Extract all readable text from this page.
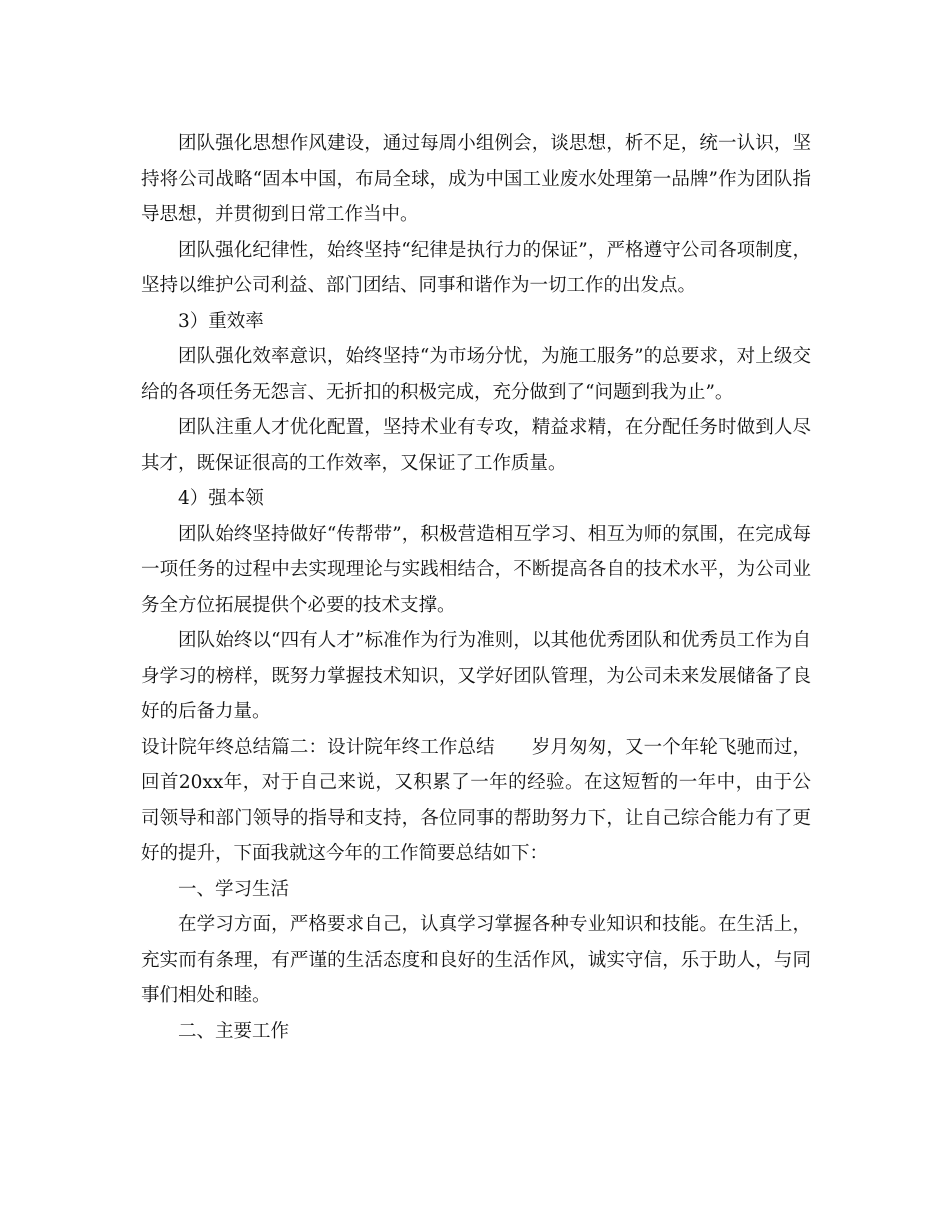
团队强化思想作风建设，通过每周小组例会，谈思想，析不足，统一认识，坚持将公司战略“固本中国，布局全球，成为中国工业废水处理第一品牌”作为团队指导思想，并贯彻到日常工作当中。

团队强化纪律性，始终坚持“纪律是执行力的保证”，严格遵守公司各项制度，坚持以维护公司利益、部门团结、同事和谐作为一切工作的出发点。

3）重效率

团队强化效率意识，始终坚持“为市场分忧，为施工服务”的总要求，对上级交给的各项任务无怨言、无折扣的积极完成，充分做到了“问题到我为止”。

团队注重人才优化配置，坚持术业有专攻，精益求精，在分配任务时做到人尽其才，既保证很高的工作效率，又保证了工作质量。

4）强本领

团队始终坚持做好“传帮带”，积极营造相互学习、相互为师的氛围，在完成每一项任务的过程中去实现理论与实践相结合，不断提高各自的技术水平，为公司业务全方位拓展提供个必要的技术支撑。

团队始终以“四有人才”标准作为行为准则，以其他优秀团队和优秀员工作为自身学习的榜样，既努力掌握技术知识，又学好团队管理，为公司未来发展储备了良好的后备力量。

设计院年终总结篇二：设计院年终工作总结　　岁月匆匆，又一个年轮飞驰而过，回首20xx年，对于自己来说，又积累了一年的经验。在这短暂的一年中，由于公司领导和部门领导的指导和支持，各位同事的帮助努力下，让自己综合能力有了更好的提升，下面我就这今年的工作简要总结如下：

一、学习生活

在学习方面，严格要求自己，认真学习掌握各种专业知识和技能。在生活上，充实而有条理，有严谨的生活态度和良好的生活作风，诚实守信，乐于助人，与同事们相处和睦。

二、主要工作
